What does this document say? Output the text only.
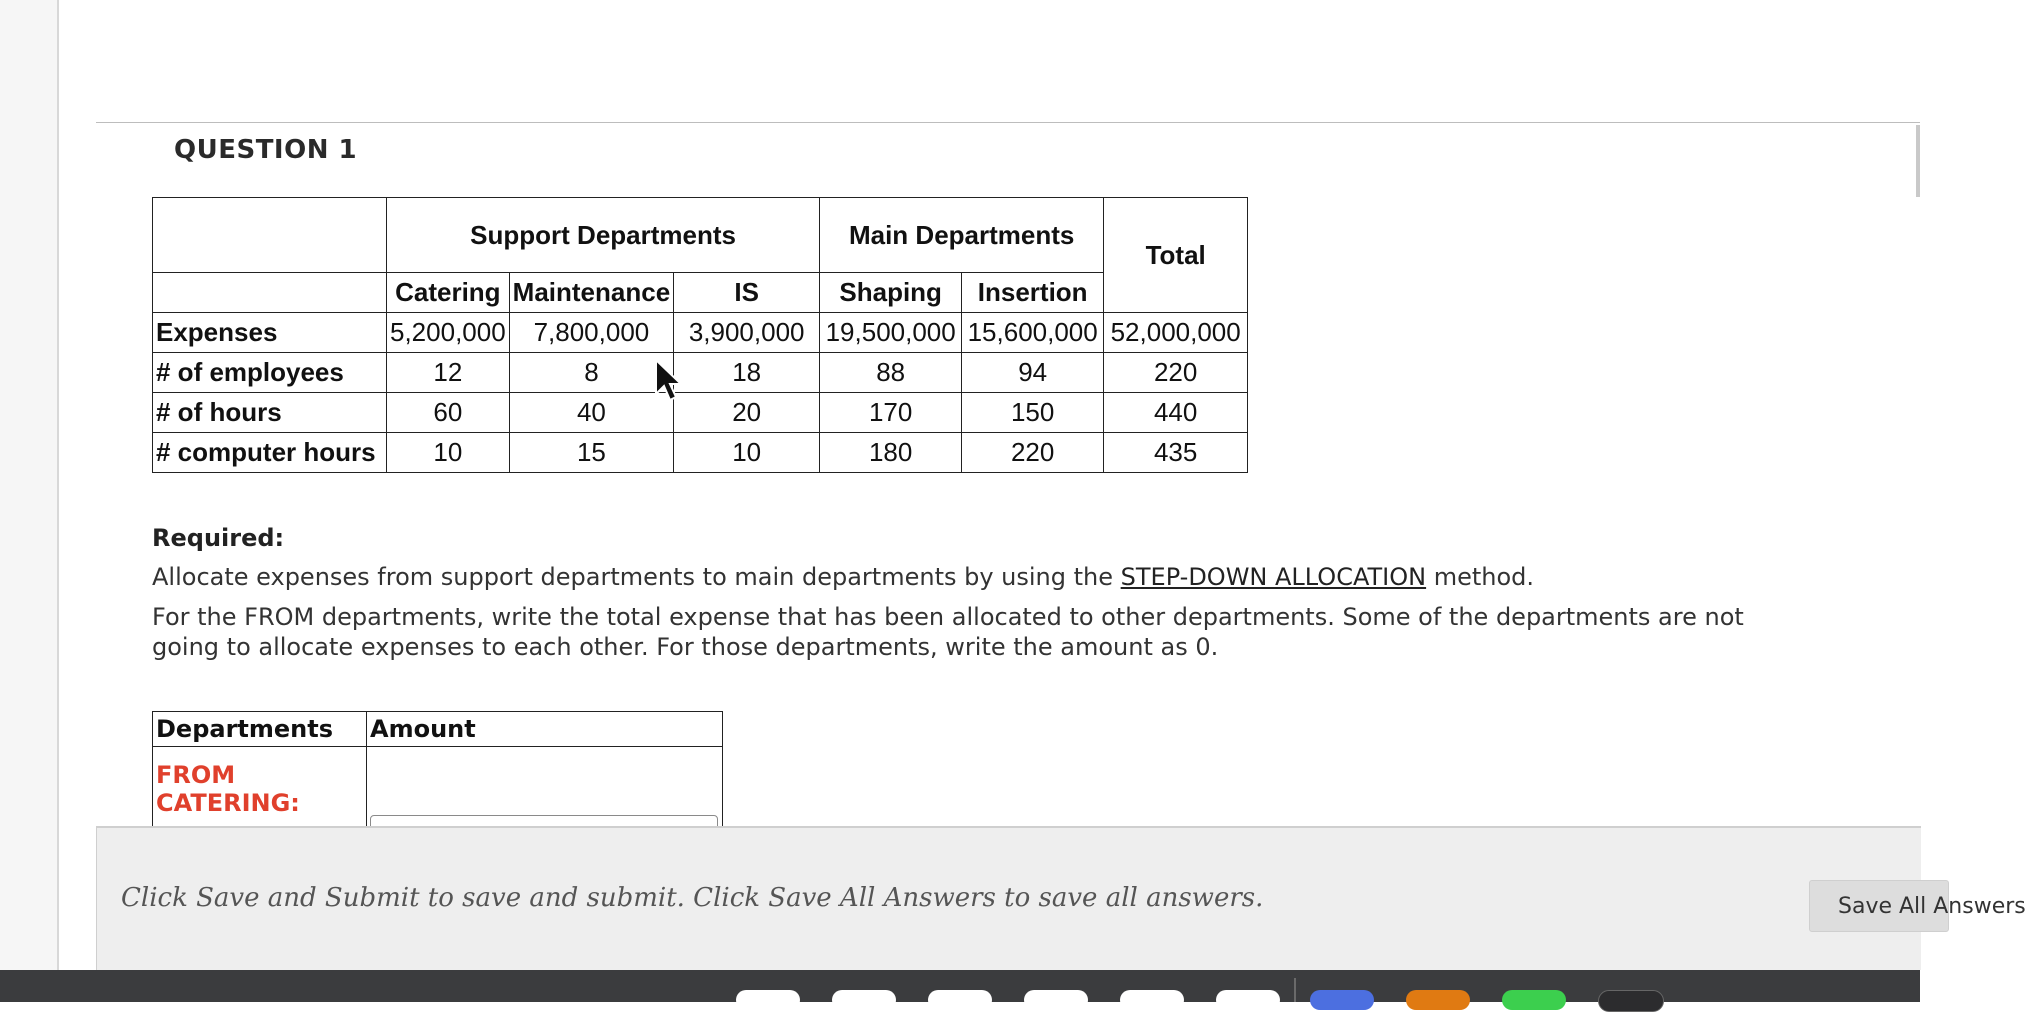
QUESTION 1
	Support Departments			Main Departments		Total
	Catering	Maintenance	IS	Shaping	Insertion	
Expenses	5,200,000	7,800,000	3,900,000	19,500,000	15,600,000	52,000,000
# of employees	12	8	18	88	94	220
# of hours	60	40	20	170	150	440
# computer hours	10	15	10	180	220	435
Required:
Allocate expenses from support departments to main departments by using the STEP-DOWN ALLOCATION method.
For the FROM departments, write the total expense that has been allocated to other departments. Some of the departments are not going to allocate expenses to each other. For those departments, write the amount as 0.
Departments	Amount
FROM CATERING:	
Click Save and Submit to save and submit. Click Save All Answers to save all answers.	Save All Answers
